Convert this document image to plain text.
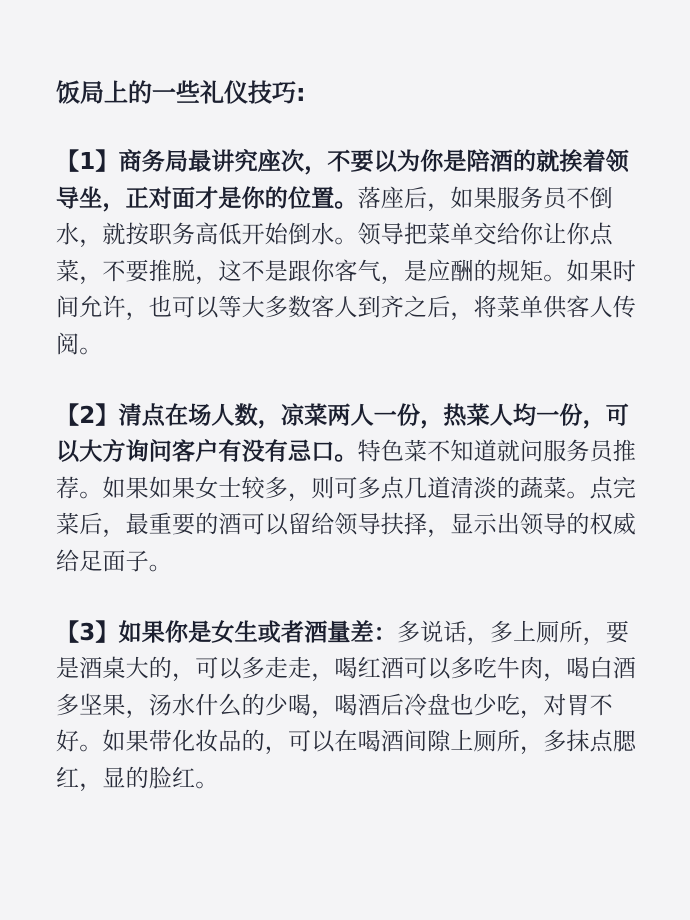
饭局上的一些礼仪技巧:
【1】商务局最讲究座次，不要以为你是陪酒的就挨着领导坐，正对面才是你的位置。落座后，如果服务员不倒水，就按职务高低开始倒水。领导把菜单交给你让你点菜，不要推脱，这不是跟你客气，是应酬的规矩。如果时间允许，也可以等大多数客人到齐之后，将菜单供客人传阅。
【2】清点在场人数，凉菜两人一份，热菜人均一份，可以大方询问客户有没有忌口。特色菜不知道就问服务员推荐。如果如果女士较多，则可多点几道清淡的蔬菜。点完菜后，最重要的酒可以留给领导扶择，显示出领导的权威给足面子。
【3】如果你是女生或者酒量差：多说话，多上厕所，要是酒桌大的，可以多走走，喝红酒可以多吃牛肉，喝白酒多坚果，汤水什么的少喝，喝酒后冷盘也少吃，对胃不好。如果带化妆品的，可以在喝酒间隙上厕所，多抹点腮红，显的脸红。
